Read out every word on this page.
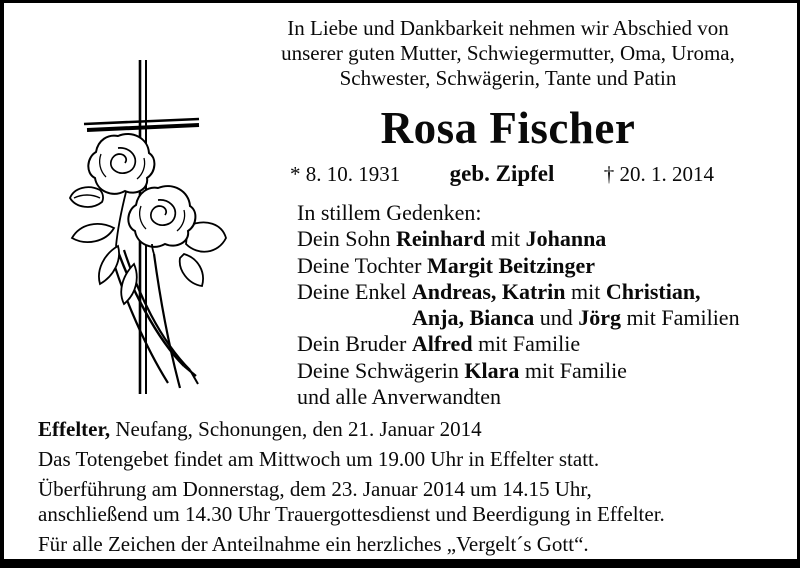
In Liebe und Dankbarkeit nehmen wir Abschied von
unserer guten Mutter, Schwiegermutter, Oma, Uroma,
Schwester, Schwägerin, Tante und Patin
Rosa Fischer
* 8. 10. 1931 geb. Zipfel † 20. 1. 2014
In stillem Gedenken:
Dein Sohn Reinhard mit Johanna
Deine Tochter Margit Beitzinger
Deine Enkel Andreas, Katrin mit Christian,
Anja, Bianca und Jörg mit Familien
Dein Bruder Alfred mit Familie
Deine Schwägerin Klara mit Familie
und alle Anverwandten
Effelter, Neufang, Schonungen, den 21. Januar 2014
Das Totengebet findet am Mittwoch um 19.00 Uhr in Effelter statt.
Überführung am Donnerstag, dem 23. Januar 2014 um 14.15 Uhr,
anschließend um 14.30 Uhr Trauergottesdienst und Beerdigung in Effelter.
Für alle Zeichen der Anteilnahme ein herzliches „Vergelt´s Gott“.
